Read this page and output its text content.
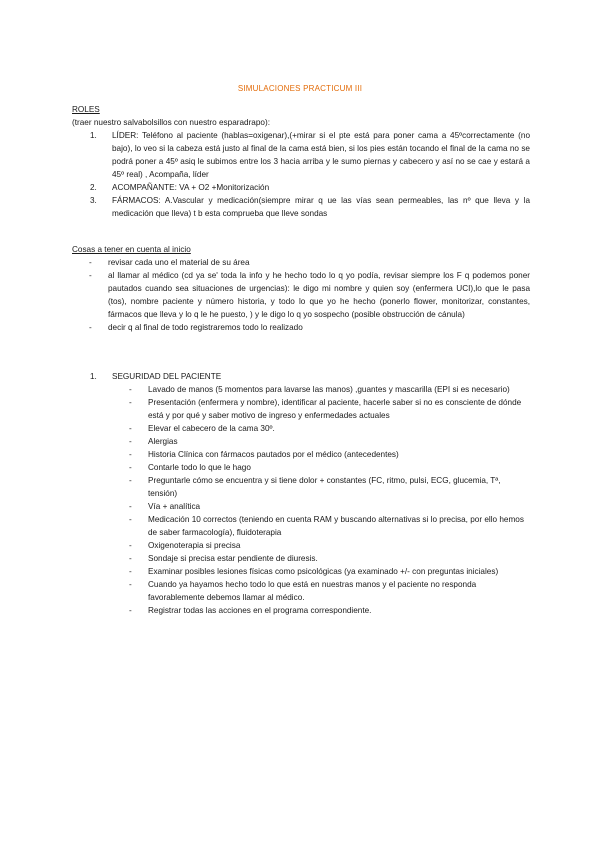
SIMULACIONES PRACTICUM III
ROLES
(traer nuestro salvabolsillos con nuestro esparadrapo):
1. LÍDER: Teléfono al paciente (hablas=oxigenar),(+mirar si el pte está para poner cama a 45ºcorrectamente (no bajo), lo veo si la cabeza está justo al final de la cama está bien, si los pies están tocando el final de la cama no se podrá poner a 45º asiq le subimos entre los 3 hacia arriba y le sumo piernas y cabecero y así no se cae y estará a 45º real) , Acompaña, líder
2. ACOMPAÑANTE: VA + O2 +Monitorización
3. FÁRMACOS: A.Vascular y medicación(siempre mirar q ue las vías sean permeables, las nº que lleva y la medicación que lleva) t b esta comprueba que lleve sondas
Cosas a tener en cuenta al inicio
- revisar cada uno el material de su área
- al llamar al médico (cd ya se' toda la info y he hecho todo lo q yo podía, revisar siempre los F q podemos poner pautados cuando sea situaciones de urgencias): le digo mi nombre y quien soy (enfermera UCI),lo que le pasa (tos), nombre paciente y número historia, y todo lo que yo he hecho (ponerlo flower, monitorizar, constantes, fármacos que lleva y lo q le he puesto, ) y le digo lo q yo sospecho (posible obstrucción de cánula)
- decir q al final de todo registraremos todo lo realizado
1. SEGURIDAD DEL PACIENTE
- Lavado de manos (5 momentos para lavarse las manos) ,guantes y mascarilla (EPI si es necesario)
- Presentación (enfermera y nombre), identificar al paciente, hacerle saber si no es consciente de dónde está y por qué y saber motivo de ingreso y enfermedades actuales
- Elevar el cabecero de la cama 30º.
- Alergias
- Historia Clínica con fármacos pautados por el médico (antecedentes)
- Contarle todo lo que le hago
- Preguntarle cómo se encuentra y si tiene dolor + constantes (FC, ritmo, pulsi, ECG, glucemia, Tª, tensión)
- Vía + analítica
- Medicación 10 correctos (teniendo en cuenta RAM y buscando alternativas si lo precisa, por ello hemos de saber farmacología), fluidoterapia
- Oxigenoterapia si precisa
- Sondaje si precisa estar pendiente de diuresis.
- Examinar posibles lesiones físicas como psicológicas (ya examinado +/- con preguntas iniciales)
- Cuando ya hayamos hecho todo lo que está en nuestras manos y el paciente no responda favorablemente debemos llamar al médico.
- Registrar todas las acciones en el programa correspondiente.
